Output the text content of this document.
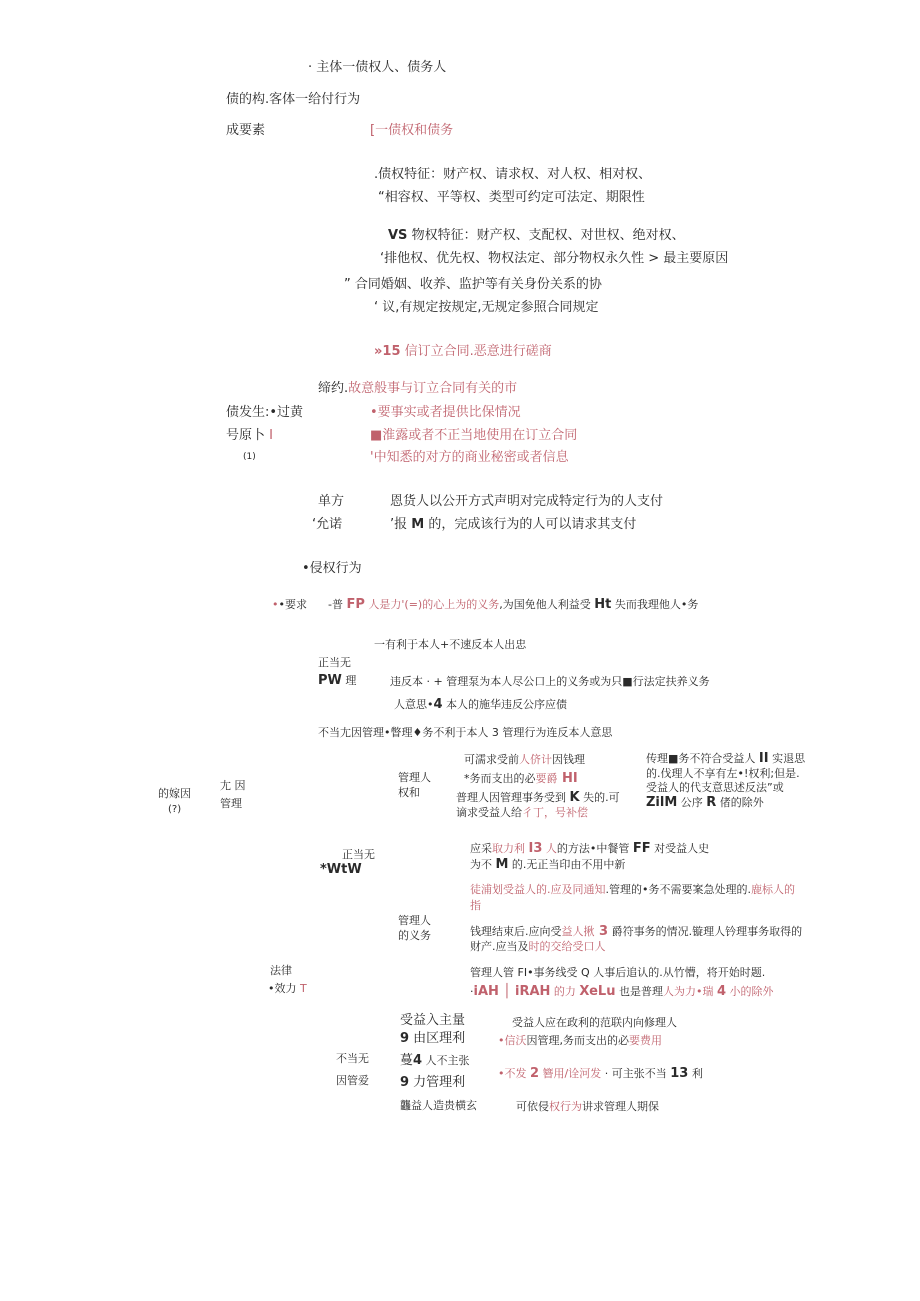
· 主体一债权人、债务人
债的构.客体一给付行为
成要素	[一债权和债务
.债权特征：财产权、请求权、对人权、相对权、
“相容权、平等权、类型可约定可法定、期限性
VS 物权特征：财产权、支配权、对世权、绝对权、
‘排他权、优先权、物权法定、部分物权永久性 > 最主要原因
” 合同婚姻、收养、监护等有关身份关系的协
‘ 议,有规定按规定,无规定参照合同规定
»15 信订立合同.恶意进行磋商
缔约.故意般事与订立合同有关的市
债发生:•过黄	•要事实或者提供比保情况
号原卜 Ⅰ	■淮露或者不正当地使用在订立合同
(1)	'中知悉的对方的商业秘密或者信息
单方	恩货人以公开方式声明对完成特定行为的人支付
‘允诺	’报 M 的，完成该行为的人可以请求其支付
•侵权行为
••要求 -普 FP 人是力'(=)的心上为的义务,为国免他人利益受 Ht 失而我理他人•务
一有利于本人+不速反本人出忠
正当无
PW 理	违反本 · + 管理泵为本人尽公口上的义务或为只■行法定扶养义务
人意思•4 本人的施华违反公序应债
不当尢因管理•瞥理♦务不利于本人 3 管理行为连反本人意思
的嫁因
(?)
尢 因
管理
管理人
权和
可濡求受前人侪计因钱理
*务而支出的必要爵 HI
普理人因管理事务受到 K 失的.可
谪求受益人给彳丁，号补偿
传理■务不符合受益人 II 实退思
的.伐理人不享有左•!权利;但是.
受益人的代支意思述反法”或
ZilM 公序 R 偖的除外
正当无
*WtW
应采取力利 I3 人的方法•中餐管 FF 对受益人史
为不 M 的.无正当印由不用中新
徒浦划受益人的.应及同通知.管理的•务不需要案急处理的.鹿标人的
指
管理人
的义务	钱理结束后.应向受益人揪 3 爵符事务的情况.镟理人钤理事务取得的
财产.应当及时的交给受口人
管理人管 FI•事务线受 Q 人事后追认的.从竹懵，将开始时题.
·iAH │ iRAH 的力 XeLu 也是普理人为力•瑞 4 小的除外
法律
•效力 T
不当无
因管爱
受益入主量
9 由区理利
蔓4 人不主张
9 力管理利
龘益人造贵横玄
受益人应在政利的范联内向修理人
•信沃因管理,务而支出的必要费用
•不发 2 簪用/诠河发 · 可主张不当 13 利
可依侵权行为讲求管理人期保
